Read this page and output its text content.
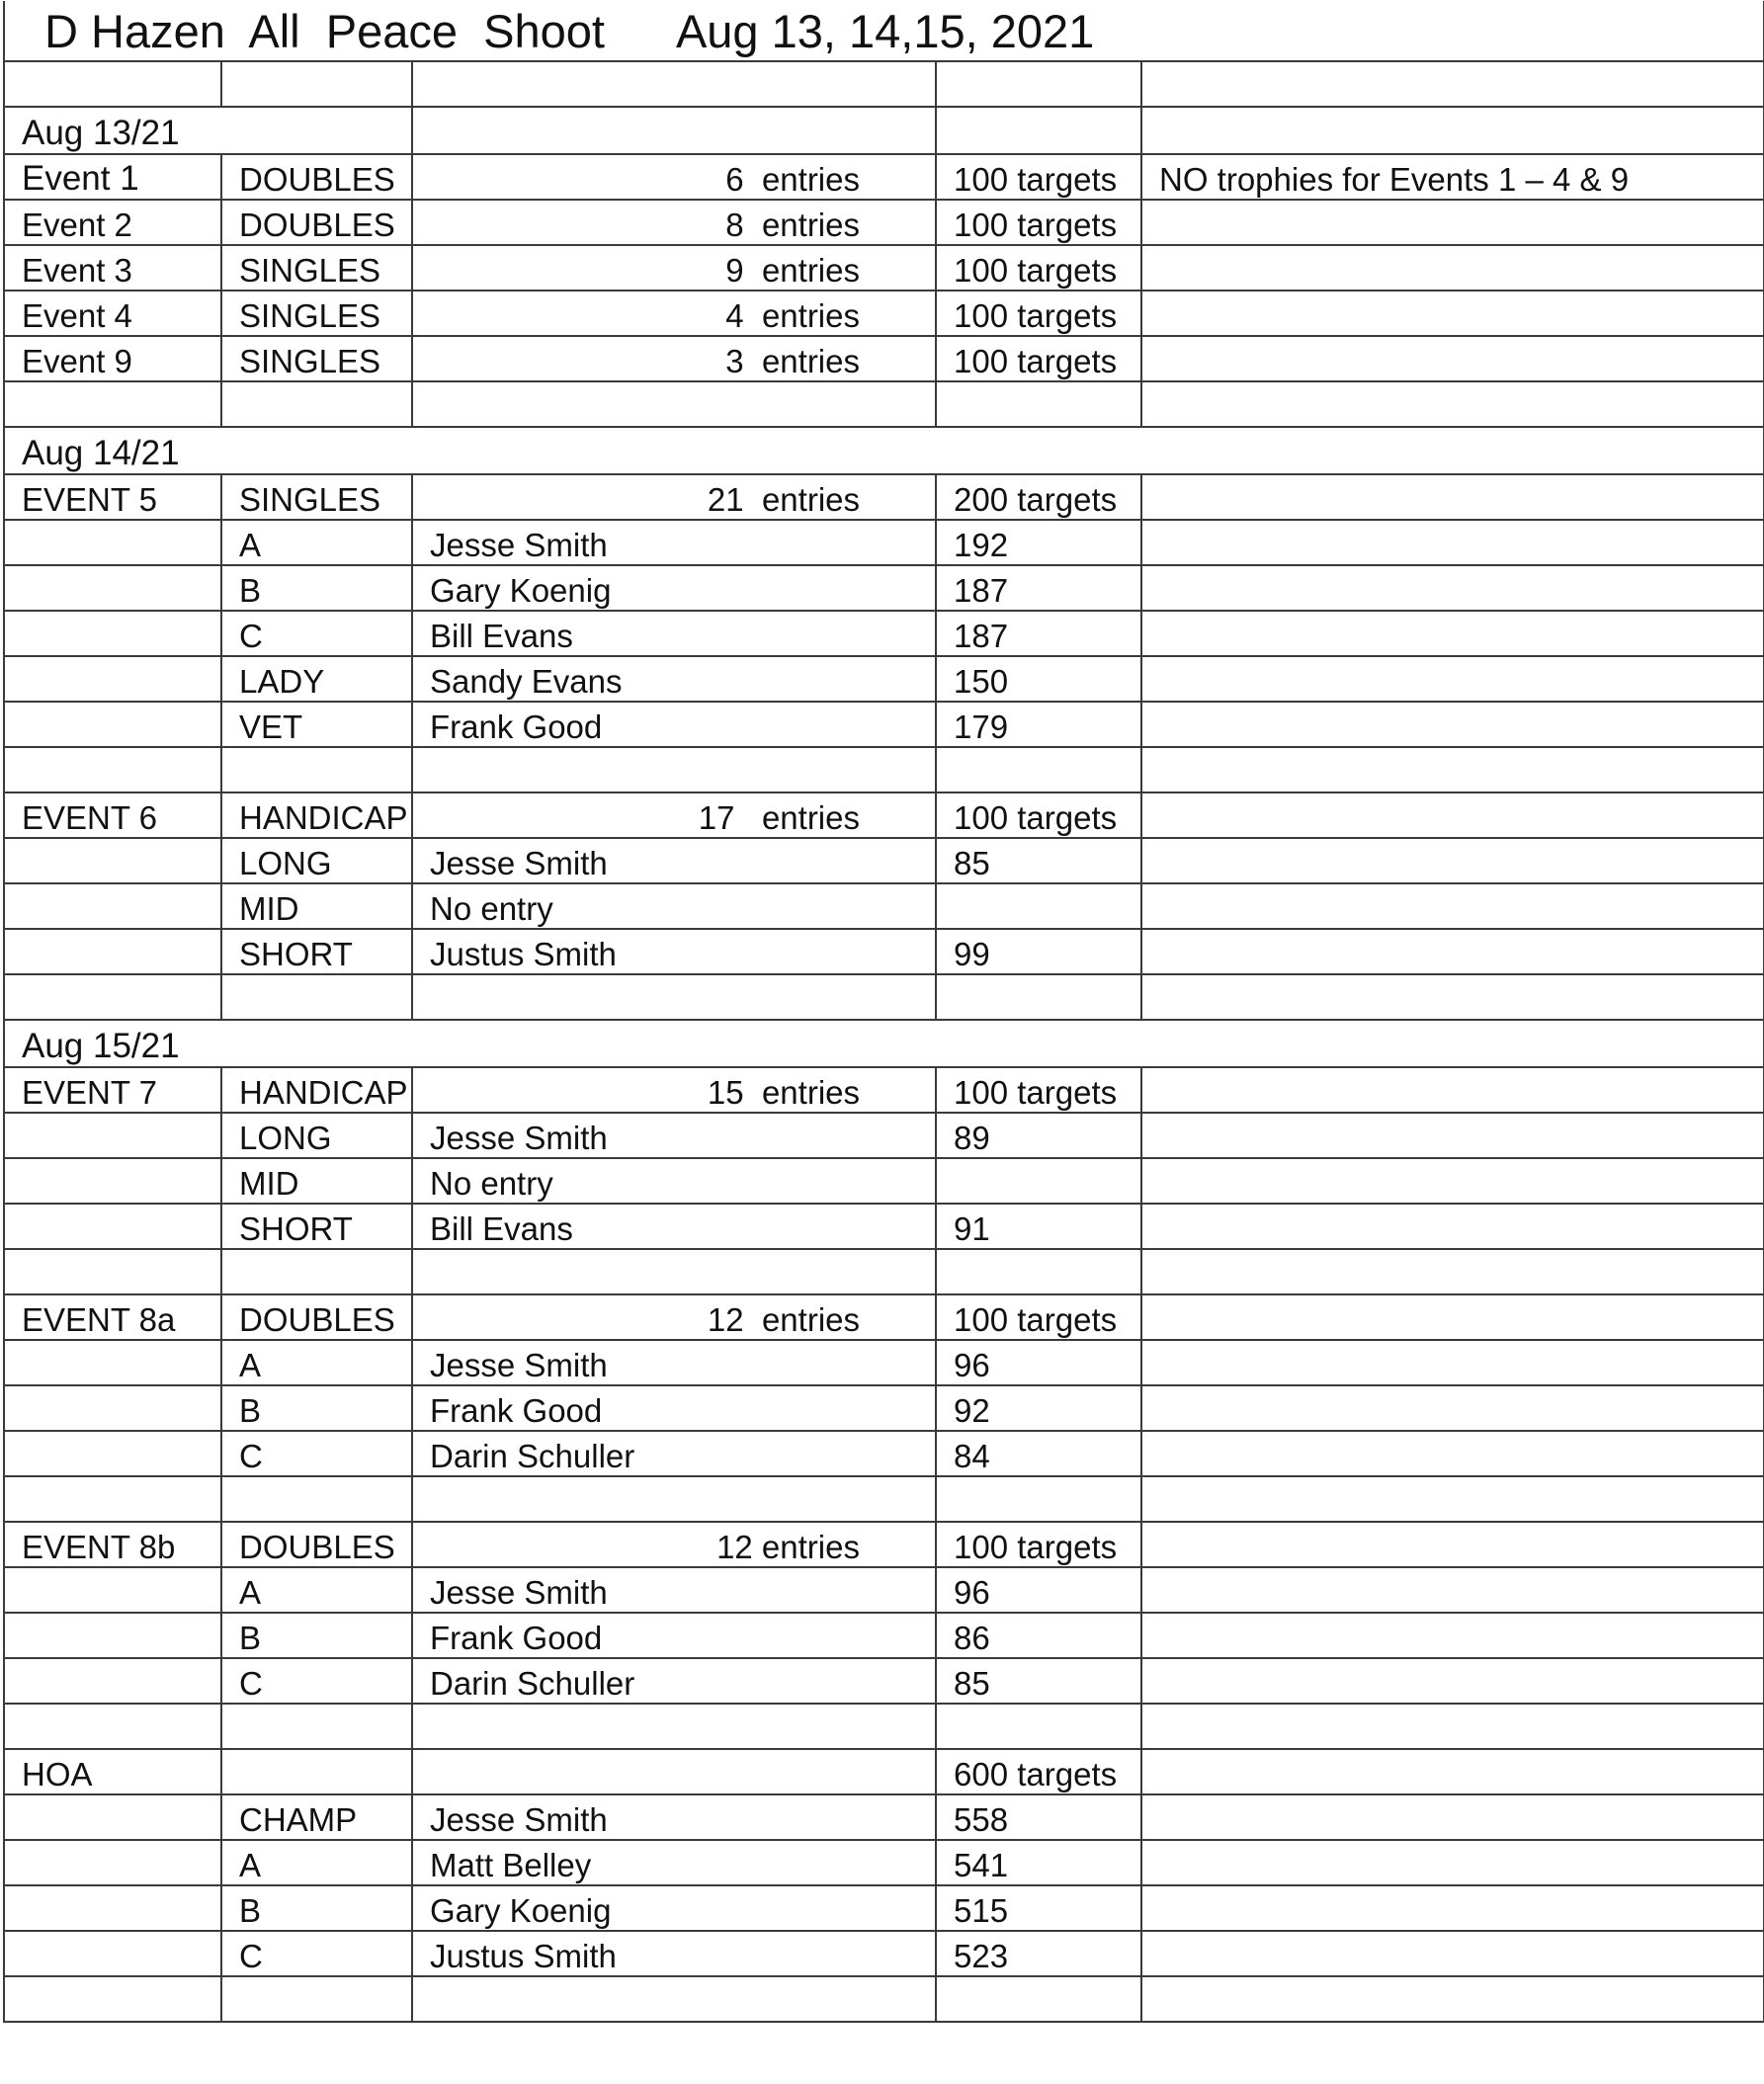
D Hazen  All  Peace  Shoot Aug 13, 14,15, 2021				

Aug 13/21				
Event 1	DOUBLES	6  entries	100 targets	NO trophies for Events 1 – 4 & 9
Event 2	DOUBLES	8  entries	100 targets	
Event 3	SINGLES	9  entries	100 targets	
Event 4	SINGLES	4  entries	100 targets	
Event 9	SINGLES	3  entries	100 targets	

Aug 14/21				
EVENT 5	SINGLES	21  entries	200 targets	
	A	Jesse Smith	192	
	B	Gary Koenig	187	
	C	Bill Evans	187	
	LADY	Sandy Evans	150	
	VET	Frank Good	179	

EVENT 6	HANDICAP	17   entries	100 targets	
	LONG	Jesse Smith	85	
	MID	No entry		
	SHORT	Justus Smith	99	

Aug 15/21				
EVENT 7	HANDICAP	15  entries	100 targets	
	LONG	Jesse Smith	89	
	MID	No entry		
	SHORT	Bill Evans	91	

EVENT 8a	DOUBLES	12  entries	100 targets	
	A	Jesse Smith	96	
	B	Frank Good	92	
	C	Darin Schuller	84	

EVENT 8b	DOUBLES	12 entries	100 targets	
	A	Jesse Smith	96	
	B	Frank Good	86	
	C	Darin Schuller	85	

HOA			600 targets	
	CHAMP	Jesse Smith	558	
	A	Matt Belley	541	
	B	Gary Koenig	515	
	C	Justus Smith	523	
